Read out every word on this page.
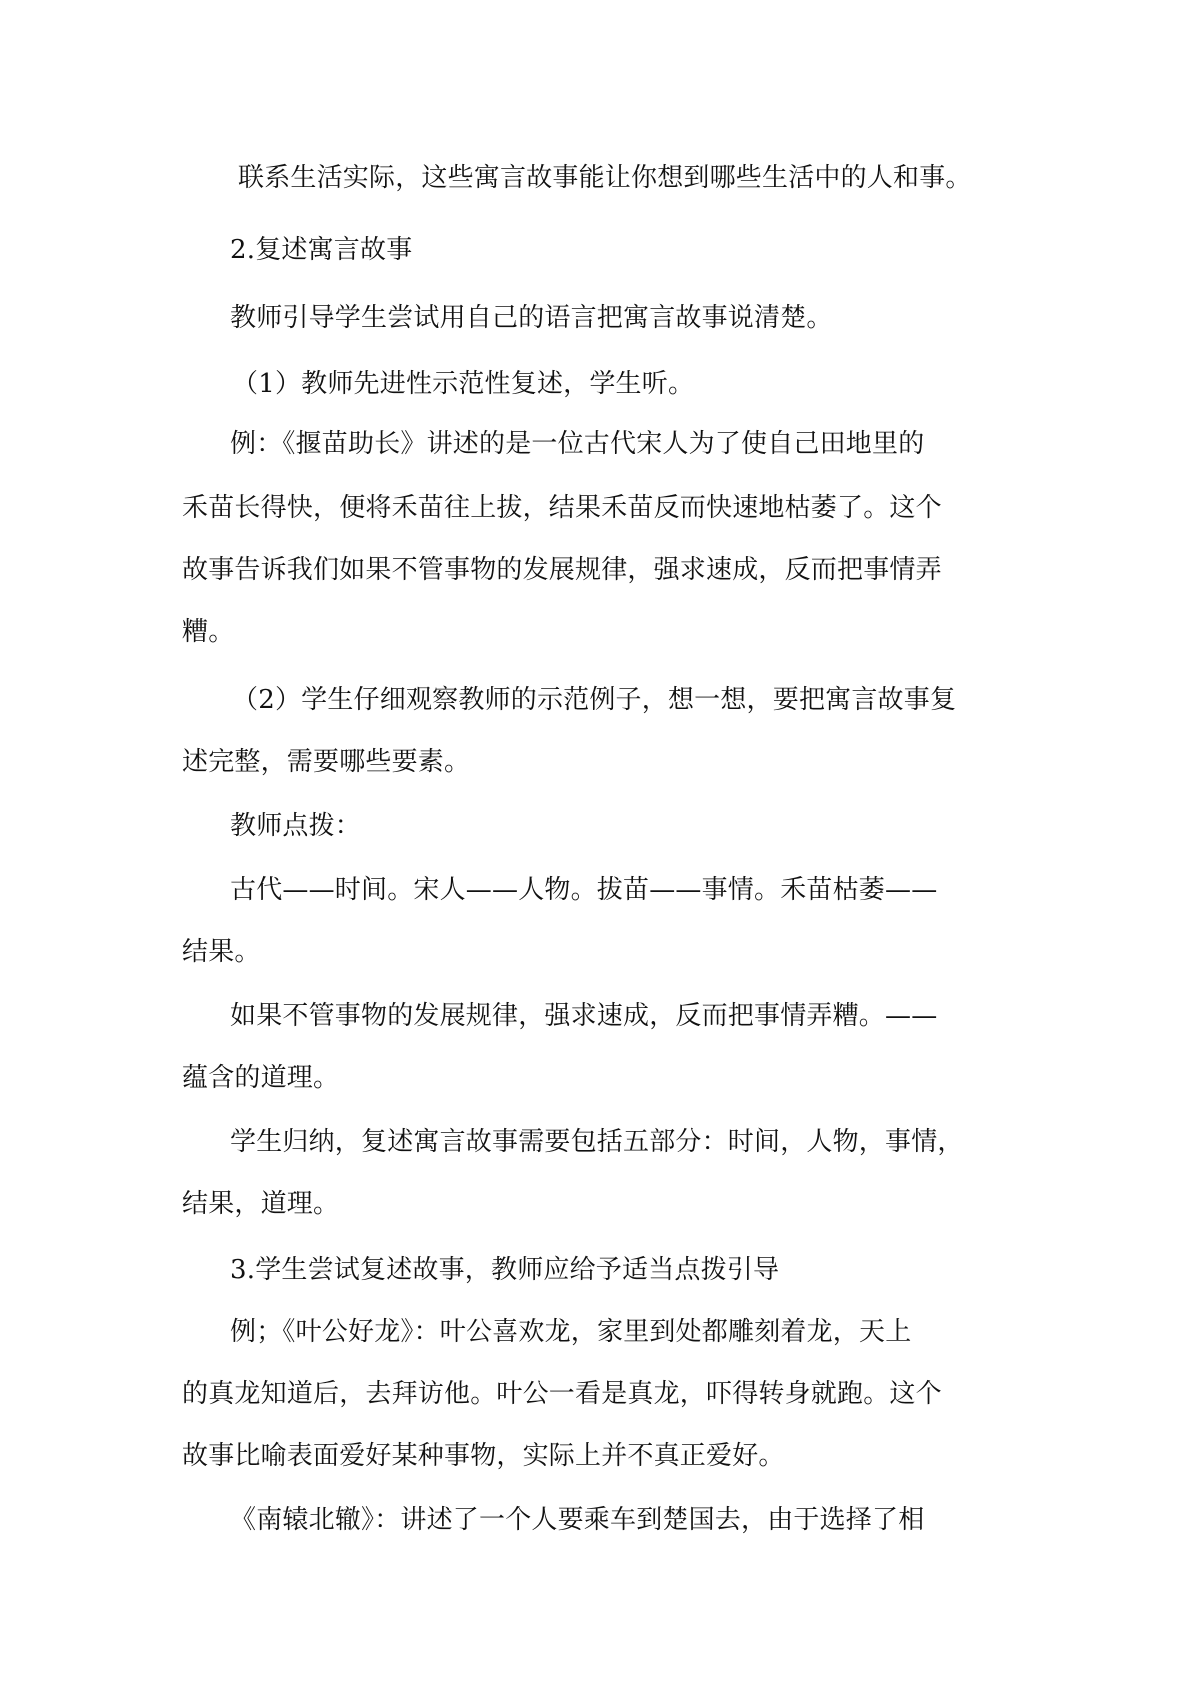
联系生活实际，这些寓言故事能让你想到哪些生活中的人和事。
2.复述寓言故事
教师引导学生尝试用自己的语言把寓言故事说清楚。
（1）教师先进性示范性复述，学生听。
例：《揠苗助长》讲述的是一位古代宋人为了使自己田地里的
禾苗长得快，便将禾苗往上拔，结果禾苗反而快速地枯萎了。这个
故事告诉我们如果不管事物的发展规律，强求速成，反而把事情弄
糟。
（2）学生仔细观察教师的示范例子，想一想，要把寓言故事复
述完整，需要哪些要素。
教师点拨：
古代——时间。宋人——人物。拔苗——事情。禾苗枯萎——
结果。
如果不管事物的发展规律，强求速成，反而把事情弄糟。——
蕴含的道理。
学生归纳，复述寓言故事需要包括五部分：时间，人物，事情，
结果，道理。
3.学生尝试复述故事，教师应给予适当点拨引导
例；《叶公好龙》：叶公喜欢龙，家里到处都雕刻着龙，天上
的真龙知道后，去拜访他。叶公一看是真龙，吓得转身就跑。这个
故事比喻表面爱好某种事物，实际上并不真正爱好。
《南辕北辙》：讲述了一个人要乘车到楚国去，由于选择了相
